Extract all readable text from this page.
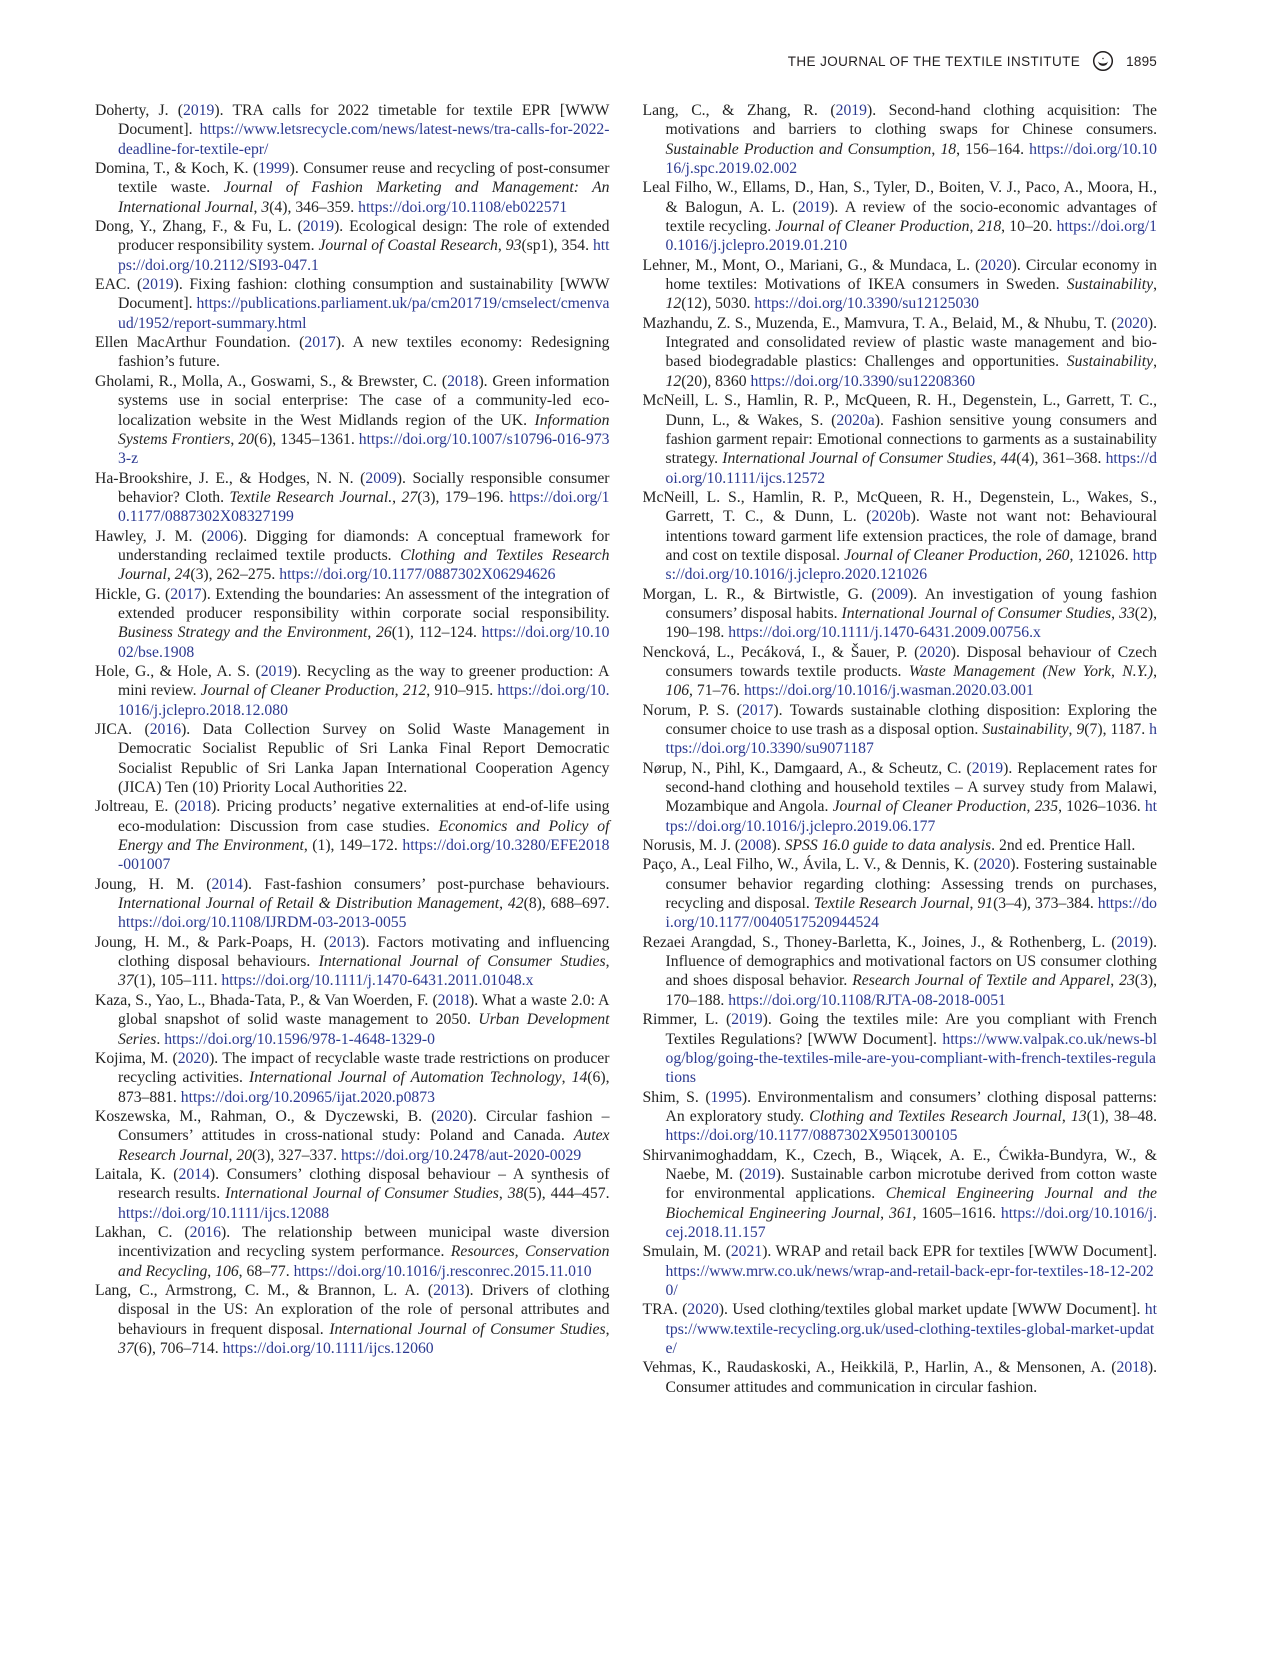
THE JOURNAL OF THE TEXTILE INSTITUTE	1895

Doherty, J. (2019). TRA calls for 2022 timetable for textile EPR [WWW Document]. https://www.letsrecycle.com/news/latest-news/tra-calls-for-2022-deadline-for-textile-epr/

Domina, T., & Koch, K. (1999). Consumer reuse and recycling of post-consumer textile waste. Journal of Fashion Marketing and Management: An International Journal, 3(4), 346–359. https://doi.org/10.1108/eb022571

Dong, Y., Zhang, F., & Fu, L. (2019). Ecological design: The role of extended producer responsibility system. Journal of Coastal Research, 93(sp1), 354. https://doi.org/10.2112/SI93-047.1

EAC. (2019). Fixing fashion: clothing consumption and sustainability [WWW Document]. https://publications.parliament.uk/pa/cm201719/cmselect/cmenvaud/1952/report-summary.html

Ellen MacArthur Foundation. (2017). A new textiles economy: Redesigning fashion’s future.

Gholami, R., Molla, A., Goswami, S., & Brewster, C. (2018). Green information systems use in social enterprise: The case of a community-led eco-localization website in the West Midlands region of the UK. Information Systems Frontiers, 20(6), 1345–1361. https://doi.org/10.1007/s10796-016-9733-z

Ha-Brookshire, J. E., & Hodges, N. N. (2009). Socially responsible consumer behavior? Cloth. Textile Research Journal., 27(3), 179–196. https://doi.org/10.1177/0887302X08327199

Hawley, J. M. (2006). Digging for diamonds: A conceptual framework for understanding reclaimed textile products. Clothing and Textiles Research Journal, 24(3), 262–275. https://doi.org/10.1177/0887302X06294626

Hickle, G. (2017). Extending the boundaries: An assessment of the integration of extended producer responsibility within corporate social responsibility. Business Strategy and the Environment, 26(1), 112–124. https://doi.org/10.1002/bse.1908

Hole, G., & Hole, A. S. (2019). Recycling as the way to greener production: A mini review. Journal of Cleaner Production, 212, 910–915. https://doi.org/10.1016/j.jclepro.2018.12.080

JICA. (2016). Data Collection Survey on Solid Waste Management in Democratic Socialist Republic of Sri Lanka Final Report Democratic Socialist Republic of Sri Lanka Japan International Cooperation Agency (JICA) Ten (10) Priority Local Authorities 22.

Joltreau, E. (2018). Pricing products’ negative externalities at end-of-life using eco-modulation: Discussion from case studies. Economics and Policy of Energy and The Environment, (1), 149–172. https://doi.org/10.3280/EFE2018-001007

Joung, H. M. (2014). Fast-fashion consumers’ post-purchase behaviours. International Journal of Retail & Distribution Management, 42(8), 688–697. https://doi.org/10.1108/IJRDM-03-2013-0055

Joung, H. M., & Park-Poaps, H. (2013). Factors motivating and influencing clothing disposal behaviours. International Journal of Consumer Studies, 37(1), 105–111. https://doi.org/10.1111/j.1470-6431.2011.01048.x

Kaza, S., Yao, L., Bhada-Tata, P., & Van Woerden, F. (2018). What a waste 2.0: A global snapshot of solid waste management to 2050. Urban Development Series. https://doi.org/10.1596/978-1-4648-1329-0

Kojima, M. (2020). The impact of recyclable waste trade restrictions on producer recycling activities. International Journal of Automation Technology, 14(6), 873–881. https://doi.org/10.20965/ijat.2020.p0873

Koszewska, M., Rahman, O., & Dyczewski, B. (2020). Circular fashion – Consumers’ attitudes in cross-national study: Poland and Canada. Autex Research Journal, 20(3), 327–337. https://doi.org/10.2478/aut-2020-0029

Laitala, K. (2014). Consumers’ clothing disposal behaviour – A synthesis of research results. International Journal of Consumer Studies, 38(5), 444–457. https://doi.org/10.1111/ijcs.12088

Lakhan, C. (2016). The relationship between municipal waste diversion incentivization and recycling system performance. Resources, Conservation and Recycling, 106, 68–77. https://doi.org/10.1016/j.resconrec.2015.11.010

Lang, C., Armstrong, C. M., & Brannon, L. A. (2013). Drivers of clothing disposal in the US: An exploration of the role of personal attributes and behaviours in frequent disposal. International Journal of Consumer Studies, 37(6), 706–714. https://doi.org/10.1111/ijcs.12060

Lang, C., & Zhang, R. (2019). Second-hand clothing acquisition: The motivations and barriers to clothing swaps for Chinese consumers. Sustainable Production and Consumption, 18, 156–164. https://doi.org/10.1016/j.spc.2019.02.002

Leal Filho, W., Ellams, D., Han, S., Tyler, D., Boiten, V. J., Paco, A., Moora, H., & Balogun, A. L. (2019). A review of the socio-economic advantages of textile recycling. Journal of Cleaner Production, 218, 10–20. https://doi.org/10.1016/j.jclepro.2019.01.210

Lehner, M., Mont, O., Mariani, G., & Mundaca, L. (2020). Circular economy in home textiles: Motivations of IKEA consumers in Sweden. Sustainability, 12(12), 5030. https://doi.org/10.3390/su12125030

Mazhandu, Z. S., Muzenda, E., Mamvura, T. A., Belaid, M., & Nhubu, T. (2020). Integrated and consolidated review of plastic waste management and bio-based biodegradable plastics: Challenges and opportunities. Sustainability, 12(20), 8360 https://doi.org/10.3390/su12208360

McNeill, L. S., Hamlin, R. P., McQueen, R. H., Degenstein, L., Garrett, T. C., Dunn, L., & Wakes, S. (2020a). Fashion sensitive young consumers and fashion garment repair: Emotional connections to garments as a sustainability strategy. International Journal of Consumer Studies, 44(4), 361–368. https://doi.org/10.1111/ijcs.12572

McNeill, L. S., Hamlin, R. P., McQueen, R. H., Degenstein, L., Wakes, S., Garrett, T. C., & Dunn, L. (2020b). Waste not want not: Behavioural intentions toward garment life extension practices, the role of damage, brand and cost on textile disposal. Journal of Cleaner Production, 260, 121026. https://doi.org/10.1016/j.jclepro.2020.121026

Morgan, L. R., & Birtwistle, G. (2009). An investigation of young fashion consumers’ disposal habits. International Journal of Consumer Studies, 33(2), 190–198. https://doi.org/10.1111/j.1470-6431.2009.00756.x

Nencková, L., Pecáková, I., & Šauer, P. (2020). Disposal behaviour of Czech consumers towards textile products. Waste Management (New York, N.Y.), 106, 71–76. https://doi.org/10.1016/j.wasman.2020.03.001

Norum, P. S. (2017). Towards sustainable clothing disposition: Exploring the consumer choice to use trash as a disposal option. Sustainability, 9(7), 1187. https://doi.org/10.3390/su9071187

Nørup, N., Pihl, K., Damgaard, A., & Scheutz, C. (2019). Replacement rates for second-hand clothing and household textiles – A survey study from Malawi, Mozambique and Angola. Journal of Cleaner Production, 235, 1026–1036. https://doi.org/10.1016/j.jclepro.2019.06.177

Norusis, M. J. (2008). SPSS 16.0 guide to data analysis. 2nd ed. Prentice Hall.

Paço, A., Leal Filho, W., Ávila, L. V., & Dennis, K. (2020). Fostering sustainable consumer behavior regarding clothing: Assessing trends on purchases, recycling and disposal. Textile Research Journal, 91(3–4), 373–384. https://doi.org/10.1177/0040517520944524

Rezaei Arangdad, S., Thoney-Barletta, K., Joines, J., & Rothenberg, L. (2019). Influence of demographics and motivational factors on US consumer clothing and shoes disposal behavior. Research Journal of Textile and Apparel, 23(3), 170–188. https://doi.org/10.1108/RJTA-08-2018-0051

Rimmer, L. (2019). Going the textiles mile: Are you compliant with French Textiles Regulations? [WWW Document]. https://www.valpak.co.uk/news-blog/blog/going-the-textiles-mile-are-you-compliant-with-french-textiles-regulations

Shim, S. (1995). Environmentalism and consumers’ clothing disposal patterns: An exploratory study. Clothing and Textiles Research Journal, 13(1), 38–48. https://doi.org/10.1177/0887302X9501300105

Shirvanimoghaddam, K., Czech, B., Wiącek, A. E., Ćwikła-Bundyra, W., & Naebe, M. (2019). Sustainable carbon microtube derived from cotton waste for environmental applications. Chemical Engineering Journal and the Biochemical Engineering Journal, 361, 1605–1616. https://doi.org/10.1016/j.cej.2018.11.157

Smulain, M. (2021). WRAP and retail back EPR for textiles [WWW Document]. https://www.mrw.co.uk/news/wrap-and-retail-back-epr-for-textiles-18-12-2020/

TRA. (2020). Used clothing/textiles global market update [WWW Document]. https://www.textile-recycling.org.uk/used-clothing-textiles-global-market-update/

Vehmas, K., Raudaskoski, A., Heikkilä, P., Harlin, A., & Mensonen, A. (2018). Consumer attitudes and communication in circular fashion.
